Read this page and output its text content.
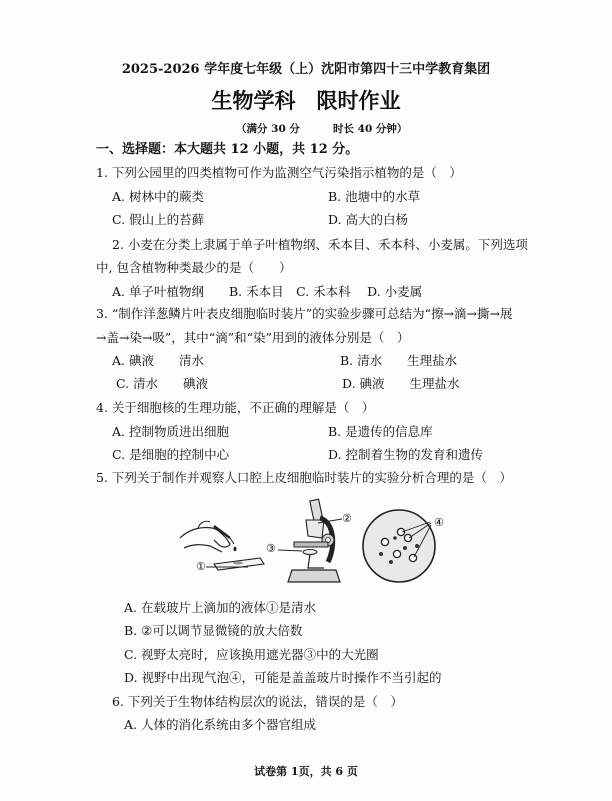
2025-2026 学年度七年级（上）沈阳市第四十三中学教育集团
生物学科　限时作业
（满分 30 分	时长 40 分钟）
一、选择题：本大题共 12 小题，共 12 分。
1. 下列公园里的四类植物可作为监测空气污染指示植物的是（　）
A. 树林中的蕨类	B. 池塘中的水草
C. 假山上的苔藓	D. 高大的白杨
2. 小麦在分类上隶属于单子叶植物纲、禾本目、禾本科、小麦属。下列选项
中, 包含植物种类最少的是（　　）
A. 单子叶植物纲　　B. 禾本目　C. 禾本科　 D. 小麦属
3. “制作洋葱鳞片叶表皮细胞临时装片”的实验步骤可总结为“擦→滴→撕→展
→盖→染→吸”，其中“滴”和“染”用到的液体分别是（　）
A. 碘液　　清水	B. 清水　　生理盐水
C. 清水　　碘液	D. 碘液　　生理盐水
4. 关于细胞核的生理功能，不正确的理解是（　）
A. 控制物质进出细胞	B. 是遗传的信息库
C. 是细胞的控制中心	D. 控制着生物的发育和遗传
5. 下列关于制作并观察人口腔上皮细胞临时装片的实验分析合理的是（　）
①
②
③
④
A. 在载玻片上滴加的液体①是清水
B. ②可以调节显微镜的放大倍数
C. 视野太亮时，应该换用遮光器③中的大光圈
D. 视野中出现气泡④，可能是盖盖玻片时操作不当引起的
6. 下列关于生物体结构层次的说法，错误的是（　）
A. 人体的消化系统由多个器官组成
试卷第 1页，共 6 页
